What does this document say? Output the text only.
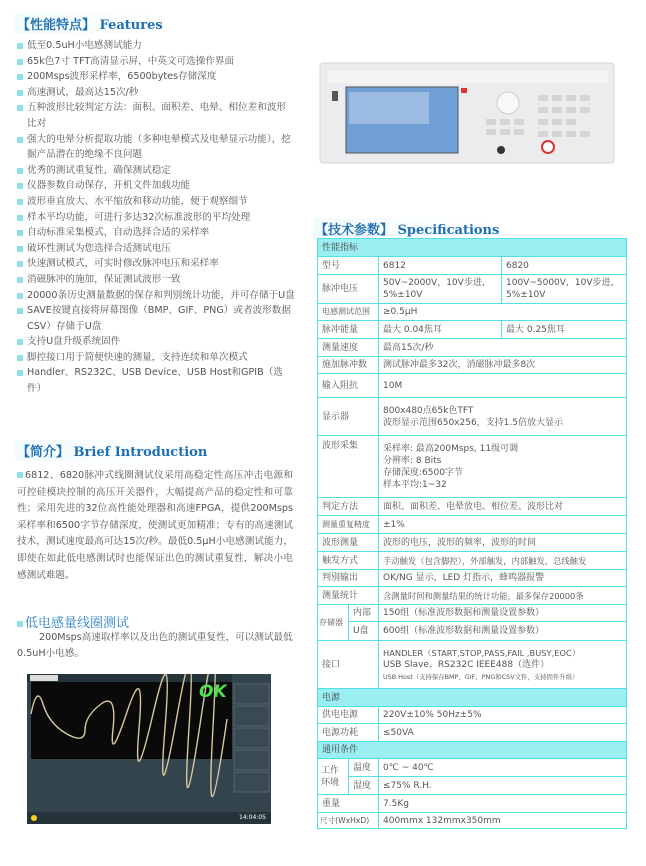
【性能特点】 Features
低至0.5uH小电感测试能力
65k色7寸 TFT高清显示屏，中英文可选操作界面
200Msps波形采样率，6500bytes存储深度
高速测试，最高达15次/秒
五种波形比较判定方法：面积、面积差、电晕、相位差和波形比对
强大的电晕分析提取功能（多种电晕模式及电晕显示功能），挖掘产品潜在的绝缘不良问题
优秀的测试重复性，确保测试稳定
仪器参数自动保存，开机文件加载功能
波形垂直放大、水平缩放和移动功能，便于观察细节
样本平均功能，可进行多达32次标准波形的平均处理
自动标准采集模式，自动选择合适的采样率
破坏性测试为您选择合适测试电压
快速测试模式，可实时修改脉冲电压和采样率
消磁脉冲的施加，保证测试波形一致
20000条历史测量数据的保存和判别统计功能，并可存储于U盘
SAVE按键直接将屏幕图像（BMP、GIF、PNG）或者波形数据CSV）存储于U盘
支持U盘升级系统固件
脚控接口用于简便快速的测量，支持连续和单次模式
Handler、RS232C、USB Device、USB Host和GPIB（选件）
【技术参数】 Specifications
性能指标			
型号		6812	6820
脉冲电压		50V~2000V，10V步进，5%±10V	100V~5000V，10V步进，5%±10V
电感测试范围		≥0.5μH	
脉冲能量		最大 0.04焦耳	最大 0.25焦耳
测量速度		最高15次/秒	
施加脉冲数		测试脉冲最多32次，消磁脉冲最多8次	
输入阻抗		10M	
显示器		800x480点65k色TFT
波形显示范围650x256，支持1.5倍放大显示	

波形采集		采样率: 最高200Msps, 11级可调
分辨率: 8 Bits
存储深度:6500字节
样本平均:1~32	

判定方法		面积、面积差、电晕放电、相位差、波形比对	
测量重复精度		±1%	
波形测量		波形的电压，波形的频率，波形的时间	
触发方式		手动触发（包含脚控），外部触发，内部触发，总线触发	
判别输出		OK/NG 显示，LED 灯指示，蜂鸣器报警	
测量统计		含测量时间和测量结果的统计功能，最多保存20000条	
存储器	内部	150组（标准波形数据和测量设置参数）	
	U盘	600组（标准波形数据和测量设置参数）	
接口		HANDLER（START,STOP,PASS,FAIL ,BUSY,EOC）
USB Slave、RS232C IEEE488（选件）
USB Host（支持保存BMP、GIF、PNG和CSV文件，支持固件升级）	

电源			
供电电源		220V±10% 50Hz±5%	
电源功耗		≤50VA	
通用条件			
工作环境	温度	0℃ ~ 40℃	
	湿度	≤75% R.H.	
重量		7.5Kg	
尺寸(WxHxD)		400mmx 132mmx350mm	
【简介】 Brief Introduction
6812、6820脉冲式线圈测试仪采用高稳定性高压冲击电源和可控硅模块控制的高压开关器件，大幅提高产品的稳定性和可靠性；采用先进的32位高性能处理器和高速FPGA，提供200Msps采样率和6500字节存储深度，使测试更加精准；专有的高速测试技术，测试速度最高可达15次/秒。最低0.5μH小电感测试能力，即使在如此低电感测试时也能保证出色的测试重复性，解决小电感测试难题。
低电感量线圈测试
200Msps高速取样率以及出色的测试重复性，可以测试最低0.5uH小电感。
OK
14:04:05
